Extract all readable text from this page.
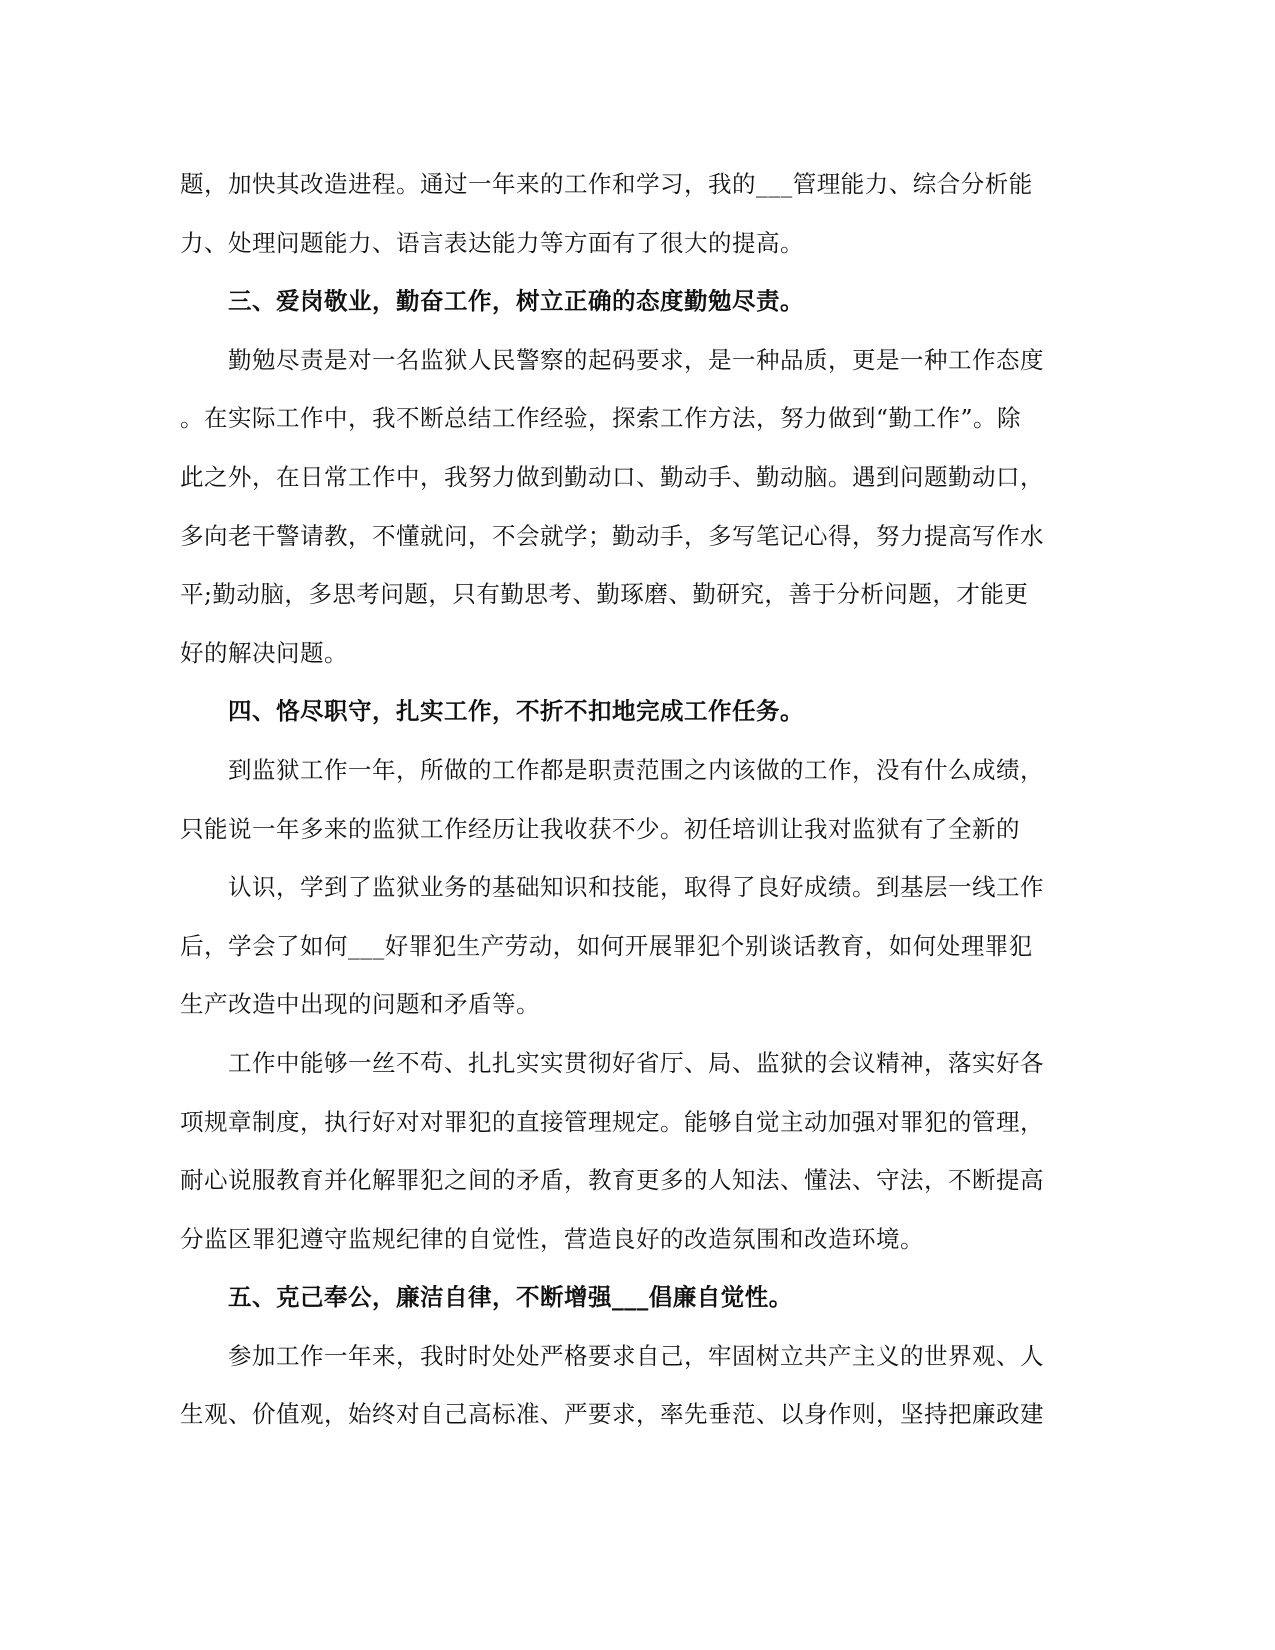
题，加快其改造进程。通过一年来的工作和学习，我的___管理能力、综合分析能
力、处理问题能力、语言表达能力等方面有了很大的提高。
三、爱岗敬业，勤奋工作，树立正确的态度勤勉尽责。
勤勉尽责是对一名监狱人民警察的起码要求，是一种品质，更是一种工作态度
。在实际工作中，我不断总结工作经验，探索工作方法，努力做到“勤工作”。除
此之外，在日常工作中，我努力做到勤动口、勤动手、勤动脑。遇到问题勤动口，
多向老干警请教，不懂就问，不会就学；勤动手，多写笔记心得，努力提高写作水
平;勤动脑，多思考问题，只有勤思考、勤琢磨、勤研究，善于分析问题，才能更
好的解决问题。
四、恪尽职守，扎实工作，不折不扣地完成工作任务。
到监狱工作一年，所做的工作都是职责范围之内该做的工作，没有什么成绩，
只能说一年多来的监狱工作经历让我收获不少。初任培训让我对监狱有了全新的
认识，学到了监狱业务的基础知识和技能，取得了良好成绩。到基层一线工作
后，学会了如何___好罪犯生产劳动，如何开展罪犯个别谈话教育，如何处理罪犯
生产改造中出现的问题和矛盾等。
工作中能够一丝不苟、扎扎实实贯彻好省厅、局、监狱的会议精神，落实好各
项规章制度，执行好对对罪犯的直接管理规定。能够自觉主动加强对罪犯的管理，
耐心说服教育并化解罪犯之间的矛盾，教育更多的人知法、懂法、守法，不断提高
分监区罪犯遵守监规纪律的自觉性，营造良好的改造氛围和改造环境。
五、克己奉公，廉洁自律，不断增强___倡廉自觉性。
参加工作一年来，我时时处处严格要求自己，牢固树立共产主义的世界观、人
生观、价值观，始终对自己高标准、严要求，率先垂范、以身作则，坚持把廉政建
